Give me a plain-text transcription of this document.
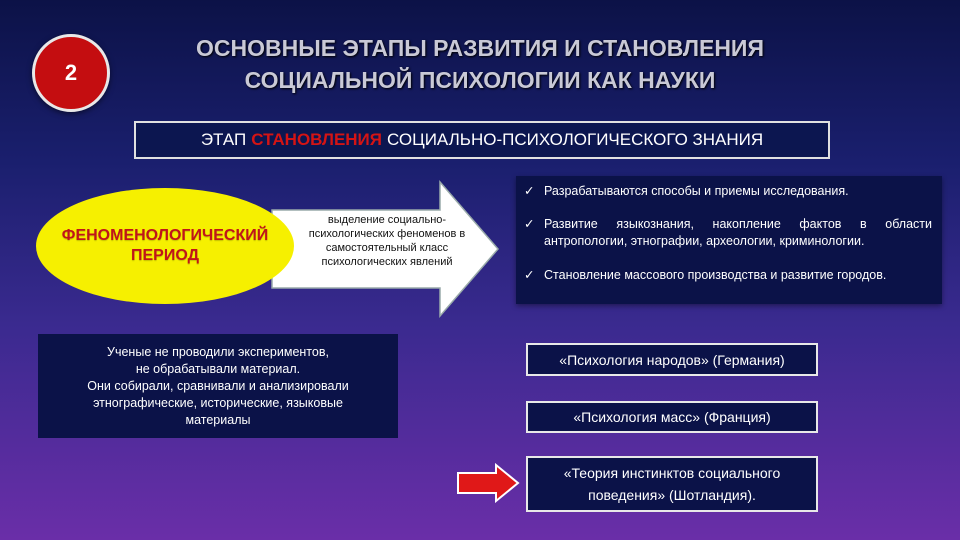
2
ОСНОВНЫЕ ЭТАПЫ РАЗВИТИЯ И СТАНОВЛЕНИЯ
СОЦИАЛЬНОЙ ПСИХОЛОГИИ КАК НАУКИ
ЭТАП СТАНОВЛЕНИЯ СОЦИАЛЬНО-ПСИХОЛОГИЧЕСКОГО ЗНАНИЯ
ФЕНОМЕНОЛОГИЧЕСКИЙ
ПЕРИОД
выделение социально-
психологических феноменов в
самостоятельный класс
психологических явлений
✓ Разрабатываются способы и приемы исследования.
✓ Развитие языкознания, накопление фактов в области антропологии, этнографии, археологии, криминологии.
✓ Становление массового производства и развитие городов.
Ученые не проводили экспериментов,
не обрабатывали материал.
Они собирали, сравнивали и анализировали
этнографические, исторические, языковые
материалы
«Психология народов» (Германия)
«Психология масс» (Франция)
«Теория инстинктов социального
поведения» (Шотландия).
